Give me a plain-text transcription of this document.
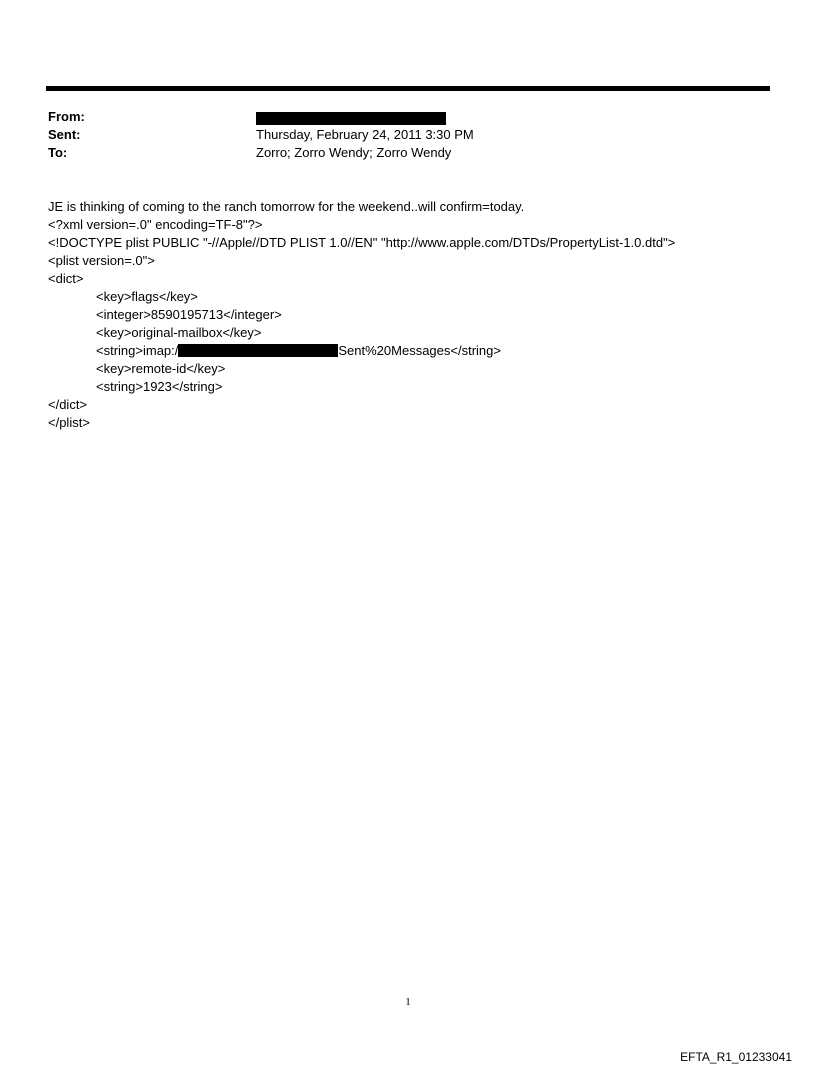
From:
Sent:	Thursday, February 24, 2011 3:30 PM
To:	Zorro; Zorro Wendy; Zorro Wendy
JE is thinking of coming to the ranch tomorrow for the weekend..will confirm=today.
<?xml version=.0" encoding=TF-8"?>
<!DOCTYPE plist PUBLIC "-//Apple//DTD PLIST 1.0//EN" "http://www.apple.com/DTDs/PropertyList-1.0.dtd">
<plist version=.0">
<dict>
<key>flags</key>
<integer>8590195713</integer>
<key>original-mailbox</key>
<string>imap:/	Sent%20Messages</string>
<key>remote-id</key>
<string>1923</string>
</dict>
</plist>
1
EFTA_R1_01233041
